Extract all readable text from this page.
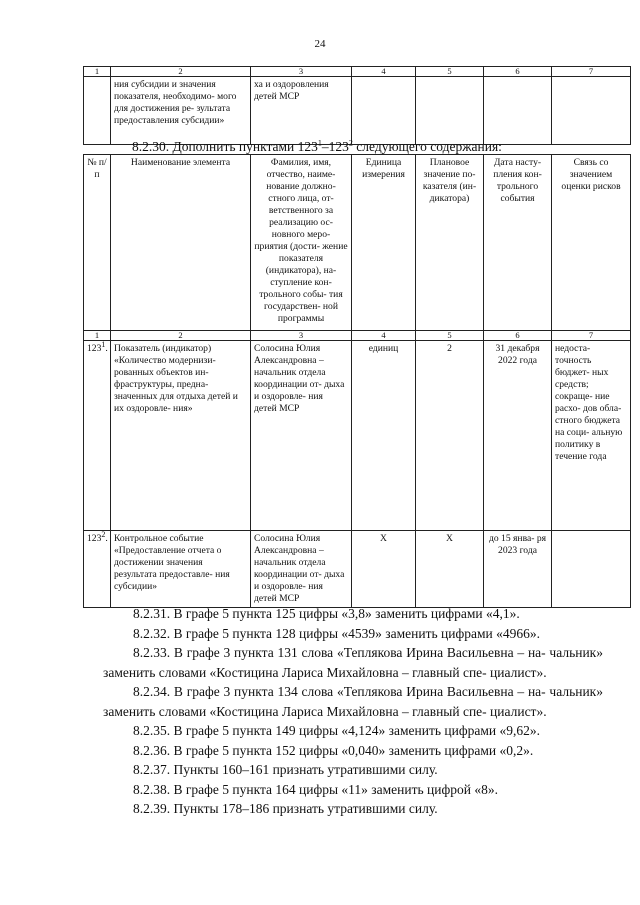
24
1	2	3	4	5	6	7
	ния субсидии и значения показателя, необходимо- мого для достижения ре- зультата предоставления субсидии»	ха и оздоровления детей МСР				
8.2.30. Дополнить пунктами $123^1-123^2$ следующего содержания:
№ п/п	Наименование элемента	Фамилия, имя, отчество, наиме- нование должно- стного лица, от- ветственного за реализацию ос- новного меро- приятия (дости- жение показателя (индикатора), на- ступление кон- трольного собы- тия государствен- ной программы	Единица измерения	Плановое значение по- казателя (ин- дикатора)	Дата насту- пления кон- трольного события	Связь со значением оценки рисков
1	2	3	4	5	6	7
$123^1$.	Показатель (индикатор) «Количество модернизи- рованных объектов ин- фраструктуры, предна- значенных для отдыха детей и их оздоровле- ния»	Солосина Юлия Александровна – начальник отдела координации от- дыха и оздоровле- ния детей МСР	единиц	2	31 декабря 2022 года	недоста- точность бюджет- ных средств; сокраще- ние расхо- дов обла- стного бюджета на соци- альную политику в течение года
$123^2$.	Контрольное событие «Предоставление отчета о достижении значения результата предоставле- ния субсидии»	Солосина Юлия Александровна – начальник отдела координации от- дыха и оздоровле- ния детей МСР	X	X	до 15 янва- ря 2023 года	

8.2.31. В графе 5 пункта 125 цифры «3,8» заменить цифрами «4,1».

8.2.32. В графе 5 пункта 128 цифры «4539» заменить цифрами «4966».

8.2.33. В графе 3 пункта 131 слова «Теплякова Ирина Васильевна – на- чальник» заменить словами «Костицина Лариса Михайловна – главный спе- циалист».

8.2.34. В графе 3 пункта 134 слова «Теплякова Ирина Васильевна – на- чальник» заменить словами «Костицина Лариса Михайловна – главный спе- циалист».

8.2.35. В графе 5 пункта 149 цифры «4,124» заменить цифрами «9,62».

8.2.36. В графе 5 пункта 152 цифры «0,040» заменить цифрами «0,2».

8.2.37. Пункты 160–161 признать утратившими силу.

8.2.38. В графе 5 пункта 164 цифры «11» заменить цифрой «8».

8.2.39. Пункты 178–186 признать утратившими силу.
